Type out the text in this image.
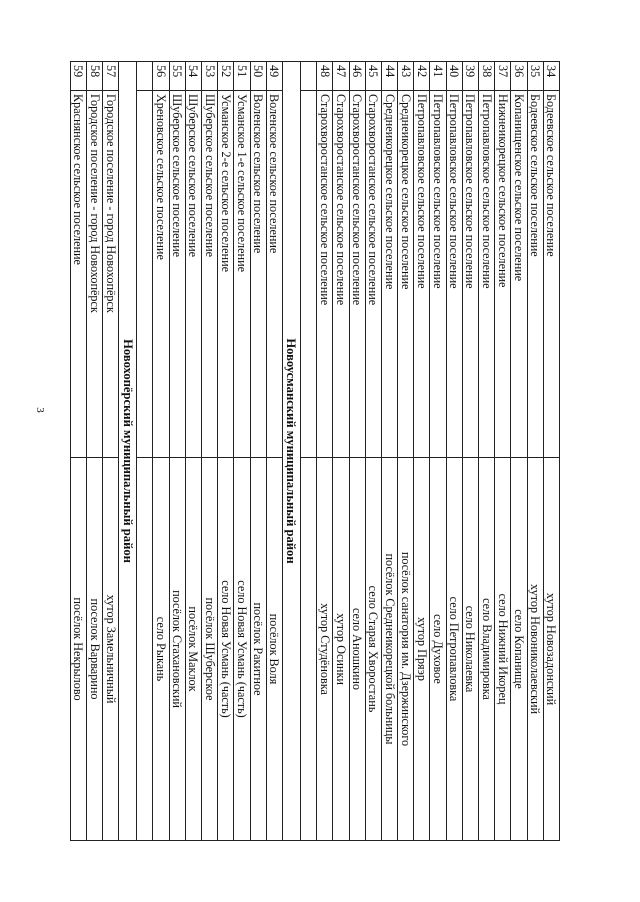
3
34	Бодеевское сельское поселение	хутор Новозадонский
35	Бодеевское сельское поселение	хутор Новониколаевский
36	Копанищенское сельское поселение	село Копанище
37	Нижнеикорецкое сельское поселение	село Нижний Икорец
38	Петропавловское сельское поселение	село Владимировка
39	Петропавловское сельское поселение	село Николаевка
40	Петропавловское сельское поселение	село Петропавловка
41	Петропавловское сельское поселение	село Духовое
42	Петропавловское сельское поселение	хутор Пряэр
43	Среднеикорецкое сельское поселение	посёлок санатория им. Дзержинского
44	Среднеикорецкое сельское поселение	посёлок Среднеикорецкой больницы
45	Старохворостанское сельское поселение	село Старая Хворостань
46	Старохворостанское сельское поселение	село Аношкино
47	Старохворостанское сельское поселение	хутор Осинки
48	Старохворостанское сельское поселение	хутор Студёновка

Новоусманский муниципальный район		
49	Воленское сельское поселение	посёлок Воля
50	Воленское сельское поселение	посёлок Ракитное
51	Усманское 1-е сельское поселение	село Новая Усмань (часть)
52	Усманское 2-е сельское поселение	село Новая Усмань (часть)
53	Шуберское сельское поселение	посёлок Шуберское
54	Шуберское сельское поселение	посёлок Маклок
55	Шуберское сельское поселение	посёлок Стахановский
56	Хреновское сельское поселение	село Рыкань

Новохопёрский муниципальный район		
57	Городское поселение - город Новохопёрск	хутор Замельничный
58	Городское поселение - город Новохопёрск	поселок Варварино
59	Краснянское сельское поселение	посёлок Некрылово
